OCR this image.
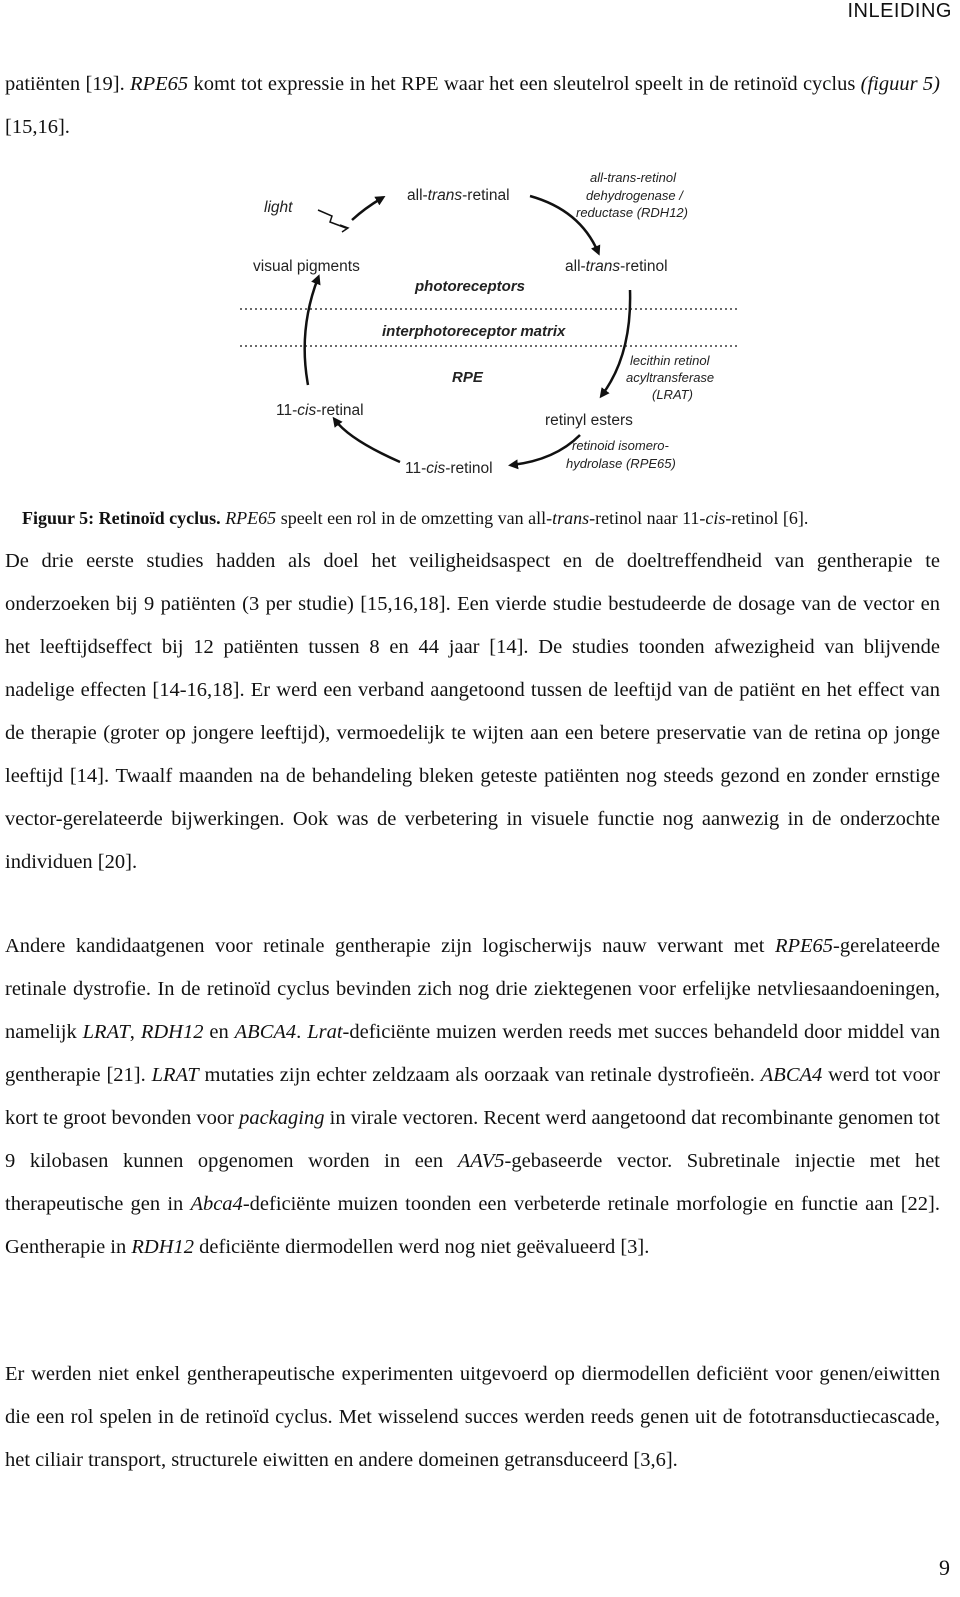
INLEIDING

patiënten [19]. RPE65 komt tot expressie in het RPE waar het een sleutelrol speelt in de retinoïd cyclus (figuur 5) [15,16].

light
all-trans-retinal
all-trans-retinol
dehydrogenase /
reductase (RDH12)
visual pigments
photoreceptors
all-trans-retinol
interphotoreceptor matrix
lecithin retinol
acyltransferase
(LRAT)
RPE
11-cis-retinal
retinyl esters
retinoid isomero-
hydrolase (RPE65)
11-cis-retinol

Figuur 5: Retinoïd cyclus. RPE65 speelt een rol in de omzetting van all-trans-retinol naar 11-cis-retinol [6].

De drie eerste studies hadden als doel het veiligheidsaspect en de doeltreffendheid van gentherapie te onderzoeken bij 9 patiënten (3 per studie) [15,16,18]. Een vierde studie bestudeerde de dosage van de vector en het leeftijdseffect bij 12 patiënten tussen 8 en 44 jaar [14]. De studies toonden afwezigheid van blijvende nadelige effecten [14-16,18]. Er werd een verband aangetoond tussen de leeftijd van de patiënt en het effect van de therapie (groter op jongere leeftijd), vermoedelijk te wijten aan een betere preservatie van de retina op jonge leeftijd [14]. Twaalf maanden na de behandeling bleken geteste patiënten nog steeds gezond en zonder ernstige vector-gerelateerde bijwerkingen. Ook was de verbetering in visuele functie nog aanwezig in de onderzochte individuen [20].

Andere kandidaatgenen voor retinale gentherapie zijn logischerwijs nauw verwant met RPE65-gerelateerde retinale dystrofie. In de retinoïd cyclus bevinden zich nog drie ziektegenen voor erfelijke netvliesaandoeningen, namelijk LRAT, RDH12 en ABCA4. Lrat-deficiënte muizen werden reeds met succes behandeld door middel van gentherapie [21]. LRAT mutaties zijn echter zeldzaam als oorzaak van retinale dystrofieën. ABCA4 werd tot voor kort te groot bevonden voor packaging in virale vectoren. Recent werd aangetoond dat recombinante genomen tot 9 kilobasen kunnen opgenomen worden in een AAV5-gebaseerde vector. Subretinale injectie met het therapeutische gen in Abca4-deficiënte muizen toonden een verbeterde retinale morfologie en functie aan [22]. Gentherapie in RDH12 deficiënte diermodellen werd nog niet geëvalueerd [3].

Er werden niet enkel gentherapeutische experimenten uitgevoerd op diermodellen deficiënt voor genen/eiwitten die een rol spelen in de retinoïd cyclus. Met wisselend succes werden reeds genen uit de fototransductiecascade, het ciliair transport, structurele eiwitten en andere domeinen getransduceerd [3,6].

9
